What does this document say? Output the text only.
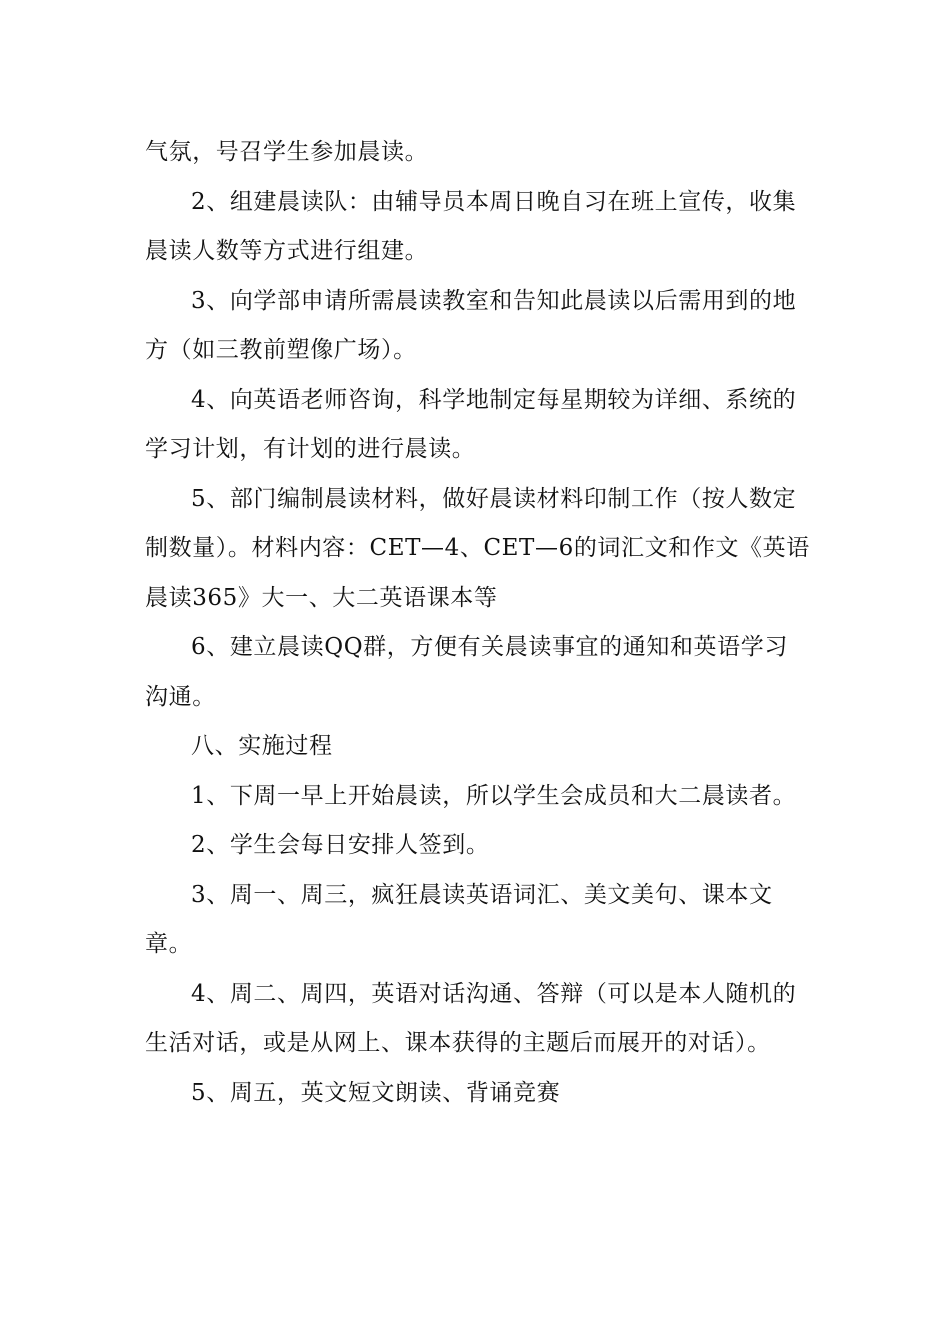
气氛，号召学生参加晨读。

2、组建晨读队：由辅导员本周日晚自习在班上宣传，收集晨读人数等方式进行组建。

3、向学部申请所需晨读教室和告知此晨读以后需用到的地方（如三教前塑像广场）。

4、向英语老师咨询，科学地制定每星期较为详细、系统的学习计划，有计划的进行晨读。

5、部门编制晨读材料，做好晨读材料印制工作（按人数定制数量）。材料内容：CET—4、CET—6的词汇文和作文《英语晨读365》大一、大二英语课本等

6、建立晨读QQ群，方便有关晨读事宜的通知和英语学习沟通。

八、实施过程

1、下周一早上开始晨读，所以学生会成员和大二晨读者。

2、学生会每日安排人签到。

3、周一、周三，疯狂晨读英语词汇、美文美句、课本文章。

4、周二、周四，英语对话沟通、答辩（可以是本人随机的生活对话，或是从网上、课本获得的主题后而展开的对话）。

5、周五，英文短文朗读、背诵竞赛
